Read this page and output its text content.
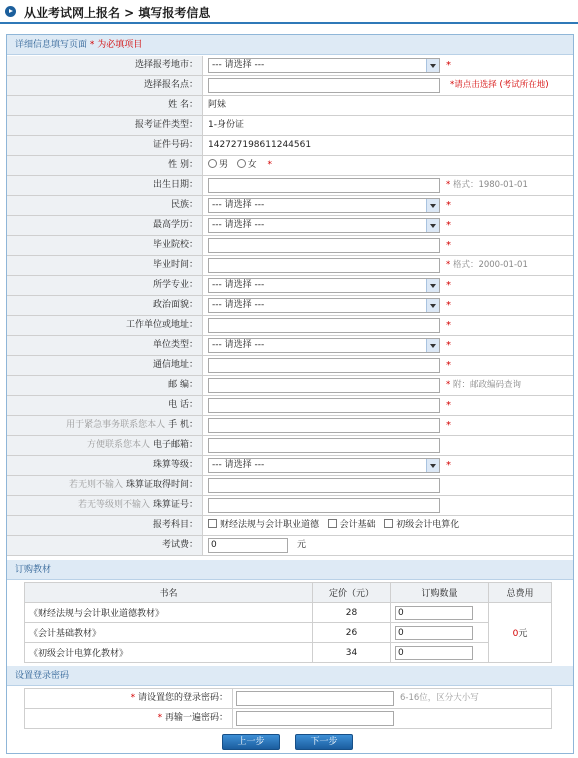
从业考试网上报名 > 填写报考信息
详细信息填写页面 * 为必填项目
选择报考地市：	--- 请选择 ---	*
选择报名点：	*请点击选择 (考试所在地)
姓 名：	阿妹
报考证件类型：	1-身份证
证件号码：	142727198611244561
性 别：	男 女 *
出生日期：	* 格式：1980-01-01
民族：	--- 请选择 ---	*
最高学历：	--- 请选择 ---	*
毕业院校：	*
毕业时间：	* 格式：2000-01-01
所学专业：	--- 请选择 ---	*
政治面貌：	--- 请选择 ---	*
工作单位或地址：	*
单位类型：	--- 请选择 ---	*
通信地址：	*
邮 编：	* 附：邮政编码查询
电 话：	*
用于紧急事务联系您本人 手 机：	*
方便联系您本人 电子邮箱：
珠算等级：	--- 请选择 ---	*
若无则不输入 珠算证取得时间：
若无等级则不输入 珠算证号：
报考科目：	财经法规与会计职业道德 会计基础 初级会计电算化
考试费：	0	元
订购教材
书名	定价（元）	订购数量	总费用
《财经法规与会计职业道德教材》	28	0	0元
《会计基础教材》	26	0	
《初级会计电算化教材》	34	0	
设置登录密码
* 请设置您的登录密码：	6-16位，区分大小写
* 再输一遍密码：
上一步	下一步
